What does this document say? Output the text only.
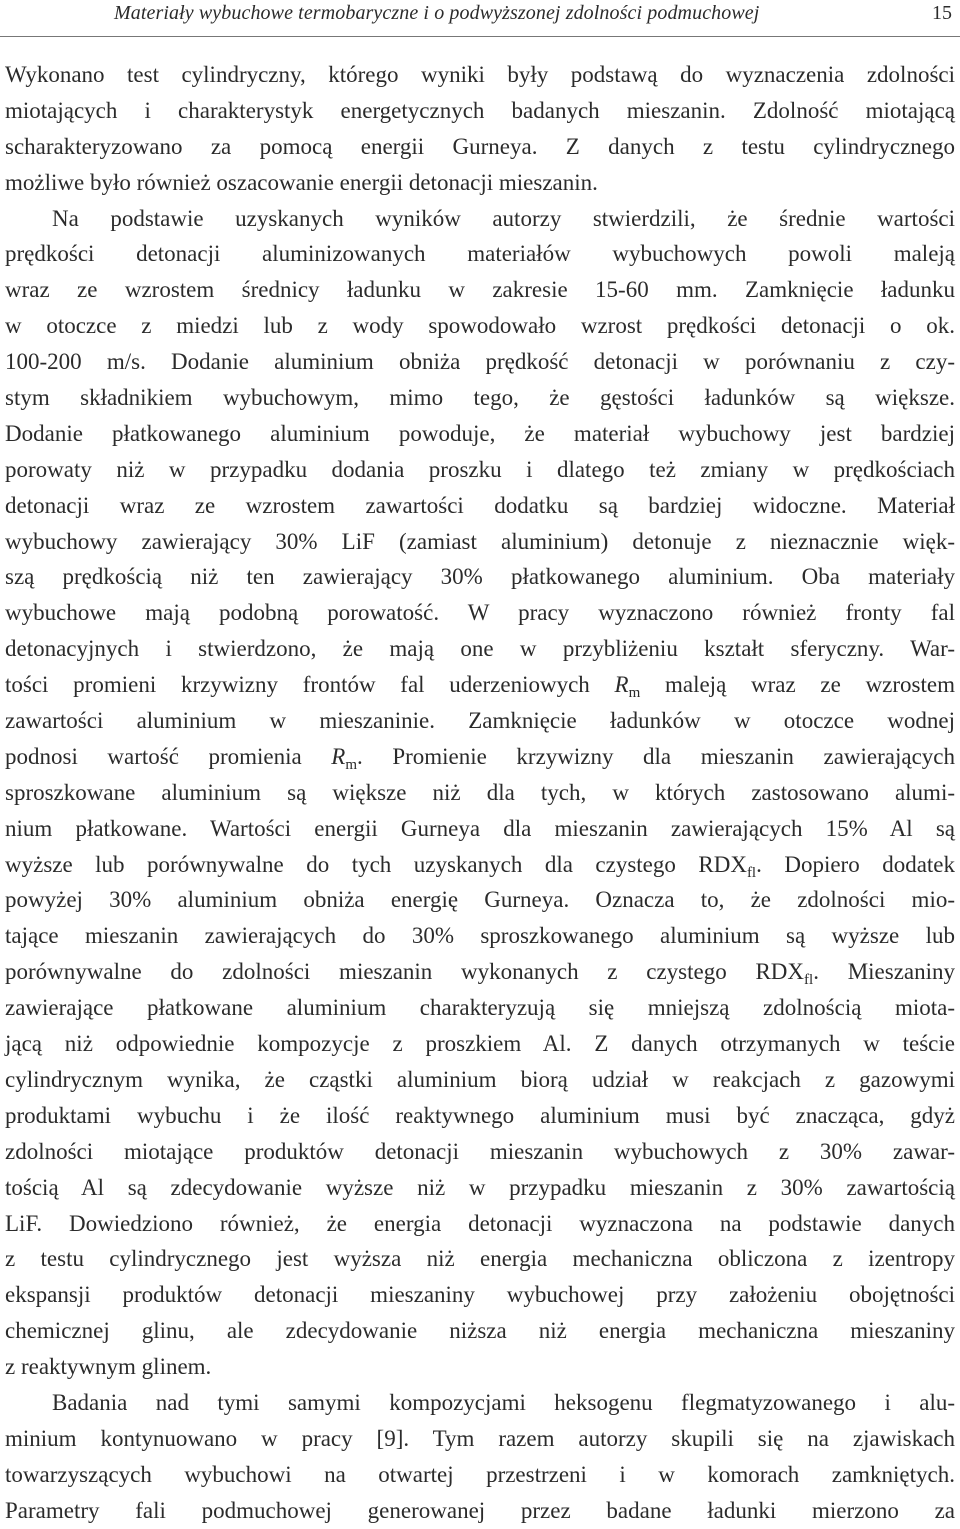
Materiały wybuchowe termobaryczne i o podwyższonej zdolności podmuchowej	15
Wykonano test cylindryczny, którego wyniki były podstawą do wyznaczenia zdolności
miotających i charakterystyk energetycznych badanych mieszanin. Zdolność miotającą
scharakteryzowano za pomocą energii Gurneya. Z danych z testu cylindrycznego
możliwe było również oszacowanie energii detonacji mieszanin.
Na podstawie uzyskanych wyników autorzy stwierdzili, że średnie wartości
prędkości detonacji aluminizowanych materiałów wybuchowych powoli maleją
wraz ze wzrostem średnicy ładunku w zakresie 15-60 mm. Zamknięcie ładunku
w otoczce z miedzi lub z wody spowodowało wzrost prędkości detonacji o ok.
100-200 m/s. Dodanie aluminium obniża prędkość detonacji w porównaniu z czy-
stym składnikiem wybuchowym, mimo tego, że gęstości ładunków są większe.
Dodanie płatkowanego aluminium powoduje, że materiał wybuchowy jest bardziej
porowaty niż w przypadku dodania proszku i dlatego też zmiany w prędkościach
detonacji wraz ze wzrostem zawartości dodatku są bardziej widoczne. Materiał
wybuchowy zawierający 30% LiF (zamiast aluminium) detonuje z nieznacznie więk-
szą prędkością niż ten zawierający 30% płatkowanego aluminium. Oba materiały
wybuchowe mają podobną porowatość. W pracy wyznaczono również fronty fal
detonacyjnych i stwierdzono, że mają one w przybliżeniu kształt sferyczny. War-
tości promieni krzywizny frontów fal uderzeniowych $R_m$ maleją wraz ze wzrostem
zawartości aluminium w mieszaninie. Zamknięcie ładunków w otoczce wodnej
podnosi wartość promienia $R_m$. Promienie krzywizny dla mieszanin zawierających
sproszkowane aluminium są większe niż dla tych, w których zastosowano alumi-
nium płatkowane. Wartości energii Gurneya dla mieszanin zawierających 15% Al są
wyższe lub porównywalne do tych uzyskanych dla czystego $RDX_{fl}$. Dopiero dodatek
powyżej 30% aluminium obniża energię Gurneya. Oznacza to, że zdolności mio-
tające mieszanin zawierających do 30% sproszkowanego aluminium są wyższe lub
porównywalne do zdolności mieszanin wykonanych z czystego $RDX_{fl}$. Mieszaniny
zawierające płatkowane aluminium charakteryzują się mniejszą zdolnością miota-
jącą niż odpowiednie kompozycje z proszkiem Al. Z danych otrzymanych w teście
cylindrycznym wynika, że cząstki aluminium biorą udział w reakcjach z gazowymi
produktami wybuchu i że ilość reaktywnego aluminium musi być znacząca, gdyż
zdolności miotające produktów detonacji mieszanin wybuchowych z 30% zawar-
tością Al są zdecydowanie wyższe niż w przypadku mieszanin z 30% zawartością
LiF. Dowiedziono również, że energia detonacji wyznaczona na podstawie danych
z testu cylindrycznego jest wyższa niż energia mechaniczna obliczona z izentropy
ekspansji produktów detonacji mieszaniny wybuchowej przy założeniu obojętności
chemicznej glinu, ale zdecydowanie niższa niż energia mechaniczna mieszaniny
z reaktywnym glinem.
Badania nad tymi samymi kompozycjami heksogenu flegmatyzowanego i alu-
minium kontynuowano w pracy [9]. Tym razem autorzy skupili się na zjawiskach
towarzyszących wybuchowi na otwartej przestrzeni i w komorach zamkniętych.
Parametry fali podmuchowej generowanej przez badane ładunki mierzono za
